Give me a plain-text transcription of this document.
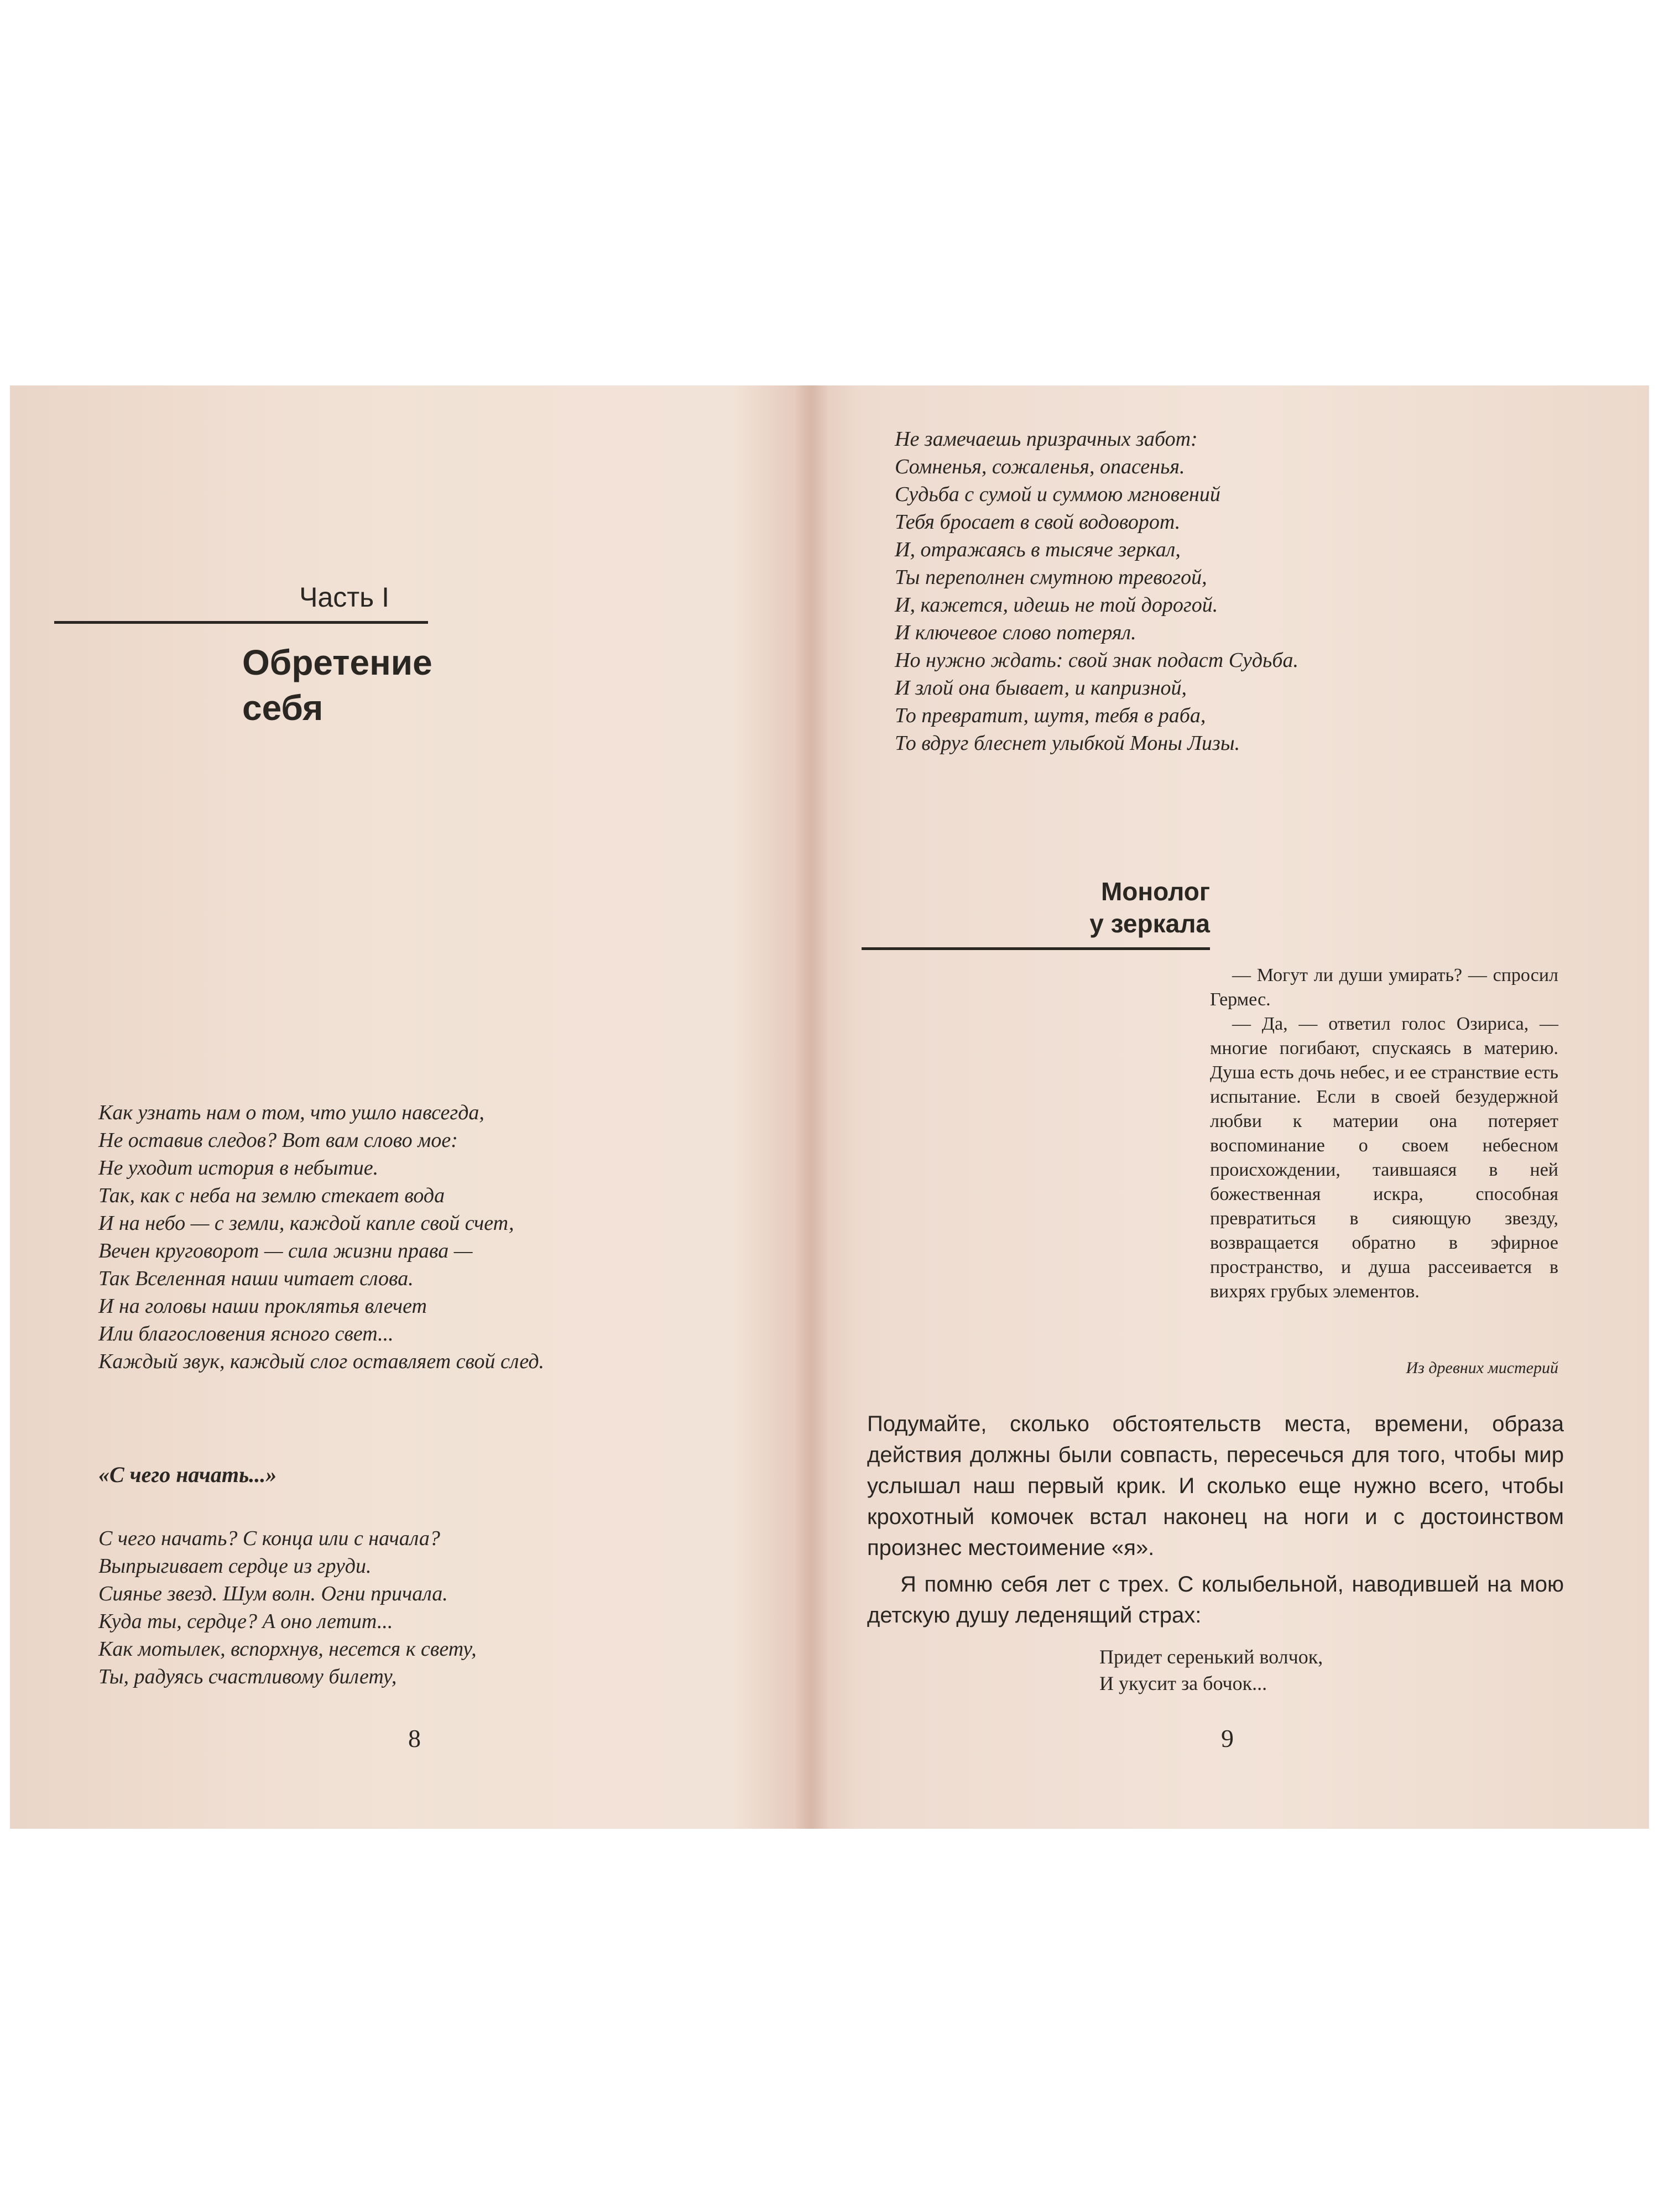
Часть I
Обретение
себя
Как узнать нам о том, что ушло навсегда,
Не оставив следов? Вот вам слово мое:
Не уходит история в небытие.
Так, как с неба на землю стекает вода
И на небо — с земли, каждой капле свой счет,
Вечен круговорот — сила жизни права —
Так Вселенная наши читает слова.
И на головы наши проклятья влечет
Или благословения ясного свет...
Каждый звук, каждый слог оставляет свой след.
«С чего начать...»
С чего начать? С конца или с начала?
Выпрыгивает сердце из груди.
Сиянье звезд. Шум волн. Огни причала.
Куда ты, сердце? А оно летит...
Как мотылек, вспорхнув, несется к свету,
Ты, радуясь счастливому билету,
8
Не замечаешь призрачных забот:
Сомненья, сожаленья, опасенья.
Судьба с сумой и суммою мгновений
Тебя бросает в свой водоворот.
И, отражаясь в тысяче зеркал,
Ты переполнен смутною тревогой,
И, кажется, идешь не той дорогой.
И ключевое слово потерял.
Но нужно ждать: свой знак подаст Судьба.
И злой она бывает, и капризной,
То превратит, шутя, тебя в раба,
То вдруг блеснет улыбкой Моны Лизы.
Монолог
у зеркала

— Могут ли души умирать? — спросил Гермес.

— Да, — ответил голос Озириса, — многие погибают, спускаясь в материю. Душа есть дочь небес, и ее странствие есть испытание. Если в своей безудержной любви к материи она потеряет воспоминание о своем небесном происхождении, таившаяся в ней божественная искра, способная превратиться в сияющую звезду, возвращается обратно в эфирное пространство, и душа рассеивается в вихрях грубых элементов.

Из древних мистерий

Подумайте, сколько обстоятельств места, времени, образа действия должны были совпасть, пересечься для того, чтобы мир услышал наш первый крик. И сколько еще нужно всего, чтобы крохотный комочек встал наконец на ноги и с достоинством произнес местоимение «я».

Я помню себя лет с трех. С колыбельной, наводившей на мою детскую душу леденящий страх:

Придет серенький волчок,
И укусит за бочок...
9
